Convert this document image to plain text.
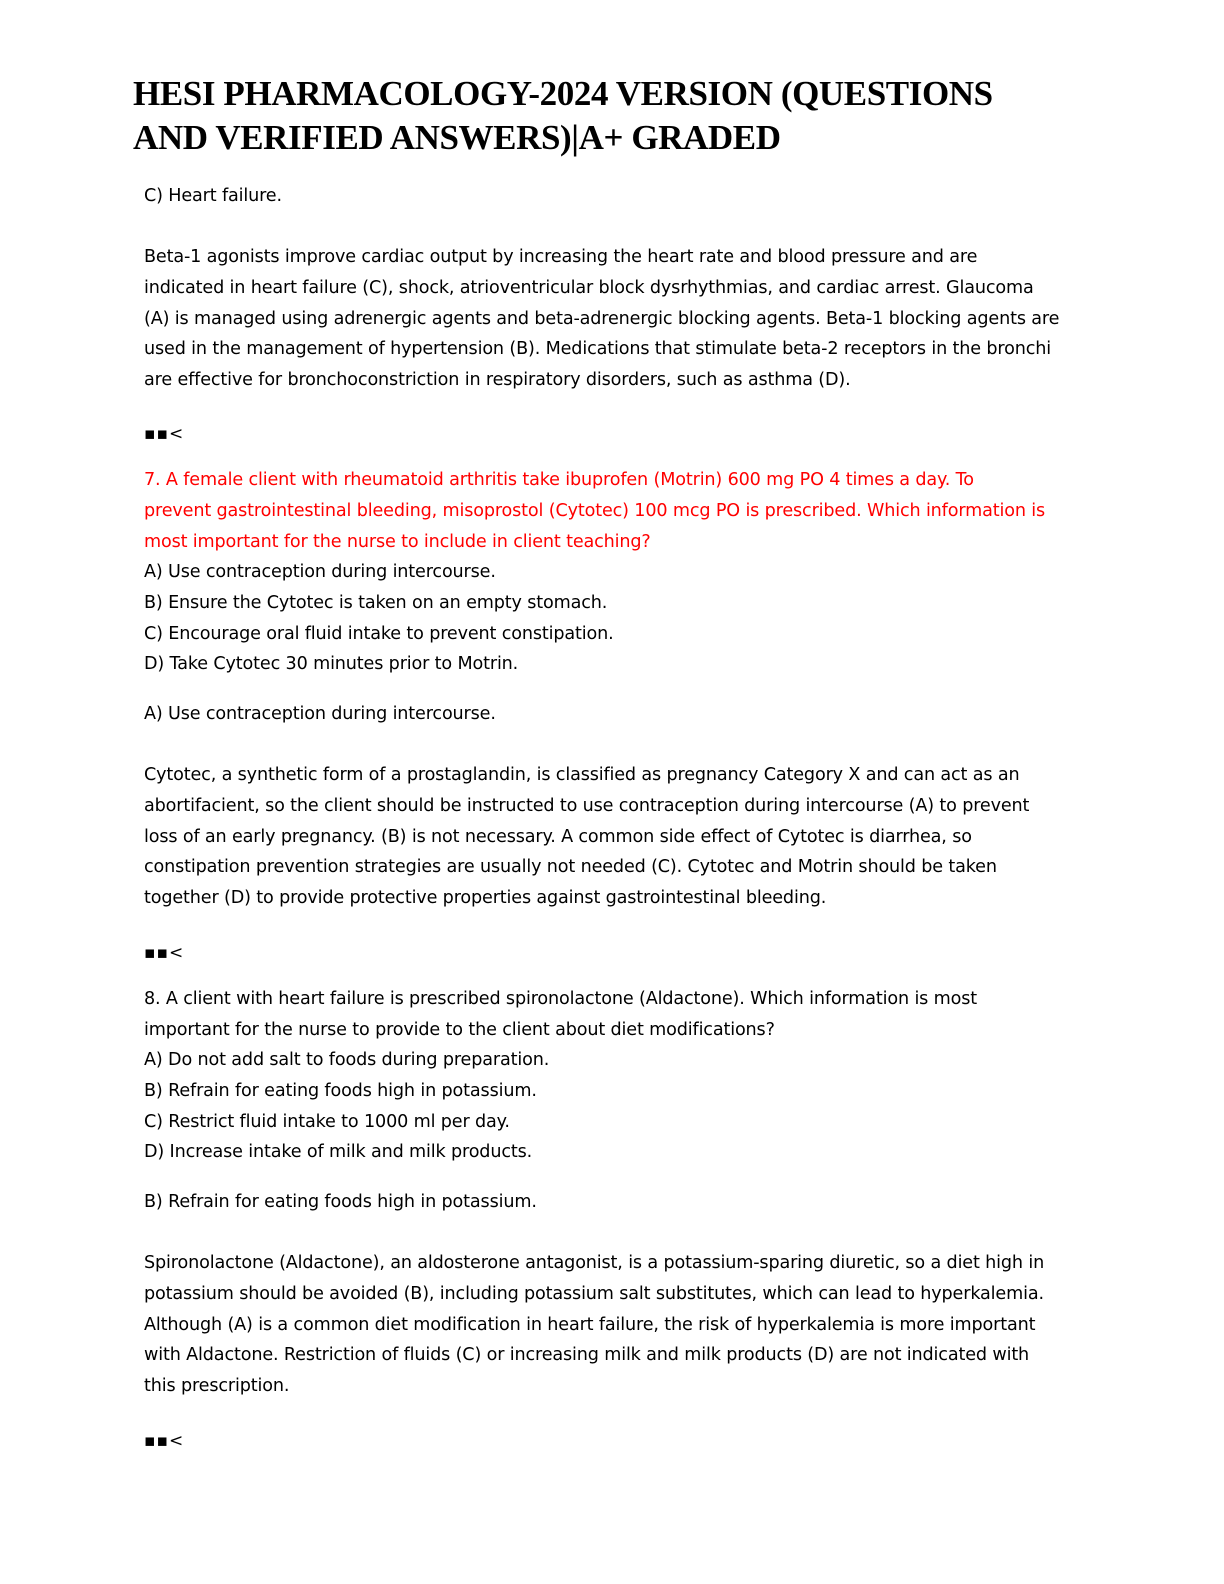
HESI PHARMACOLOGY-2024 VERSION (QUESTIONS
AND VERIFIED ANSWERS)|A+ GRADED

C) Heart failure.

Beta-1 agonists improve cardiac output by increasing the heart rate and blood pressure and are
indicated in heart failure (C), shock, atrioventricular block dysrhythmias, and cardiac arrest. Glaucoma
(A) is managed using adrenergic agents and beta-adrenergic blocking agents. Beta-1 blocking agents are
used in the management of hypertension (B). Medications that stimulate beta-2 receptors in the bronchi
are effective for bronchoconstriction in respiratory disorders, such as asthma (D).
▪▪<
7. A female client with rheumatoid arthritis take ibuprofen (Motrin) 600 mg PO 4 times a day. To
prevent gastrointestinal bleeding, misoprostol (Cytotec) 100 mcg PO is prescribed. Which information is
most important for the nurse to include in client teaching?
A) Use contraception during intercourse.
B) Ensure the Cytotec is taken on an empty stomach.
C) Encourage oral fluid intake to prevent constipation.
D) Take Cytotec 30 minutes prior to Motrin.

A) Use contraception during intercourse.

Cytotec, a synthetic form of a prostaglandin, is classified as pregnancy Category X and can act as an
abortifacient, so the client should be instructed to use contraception during intercourse (A) to prevent
loss of an early pregnancy. (B) is not necessary. A common side effect of Cytotec is diarrhea, so
constipation prevention strategies are usually not needed (C). Cytotec and Motrin should be taken
together (D) to provide protective properties against gastrointestinal bleeding.
▪▪<
8. A client with heart failure is prescribed spironolactone (Aldactone). Which information is most
important for the nurse to provide to the client about diet modifications?
A) Do not add salt to foods during preparation.
B) Refrain for eating foods high in potassium.
C) Restrict fluid intake to 1000 ml per day.
D) Increase intake of milk and milk products.

B) Refrain for eating foods high in potassium.

Spironolactone (Aldactone), an aldosterone antagonist, is a potassium-sparing diuretic, so a diet high in
potassium should be avoided (B), including potassium salt substitutes, which can lead to hyperkalemia.
Although (A) is a common diet modification in heart failure, the risk of hyperkalemia is more important
with Aldactone. Restriction of fluids (C) or increasing milk and milk products (D) are not indicated with
this prescription.
▪▪<
